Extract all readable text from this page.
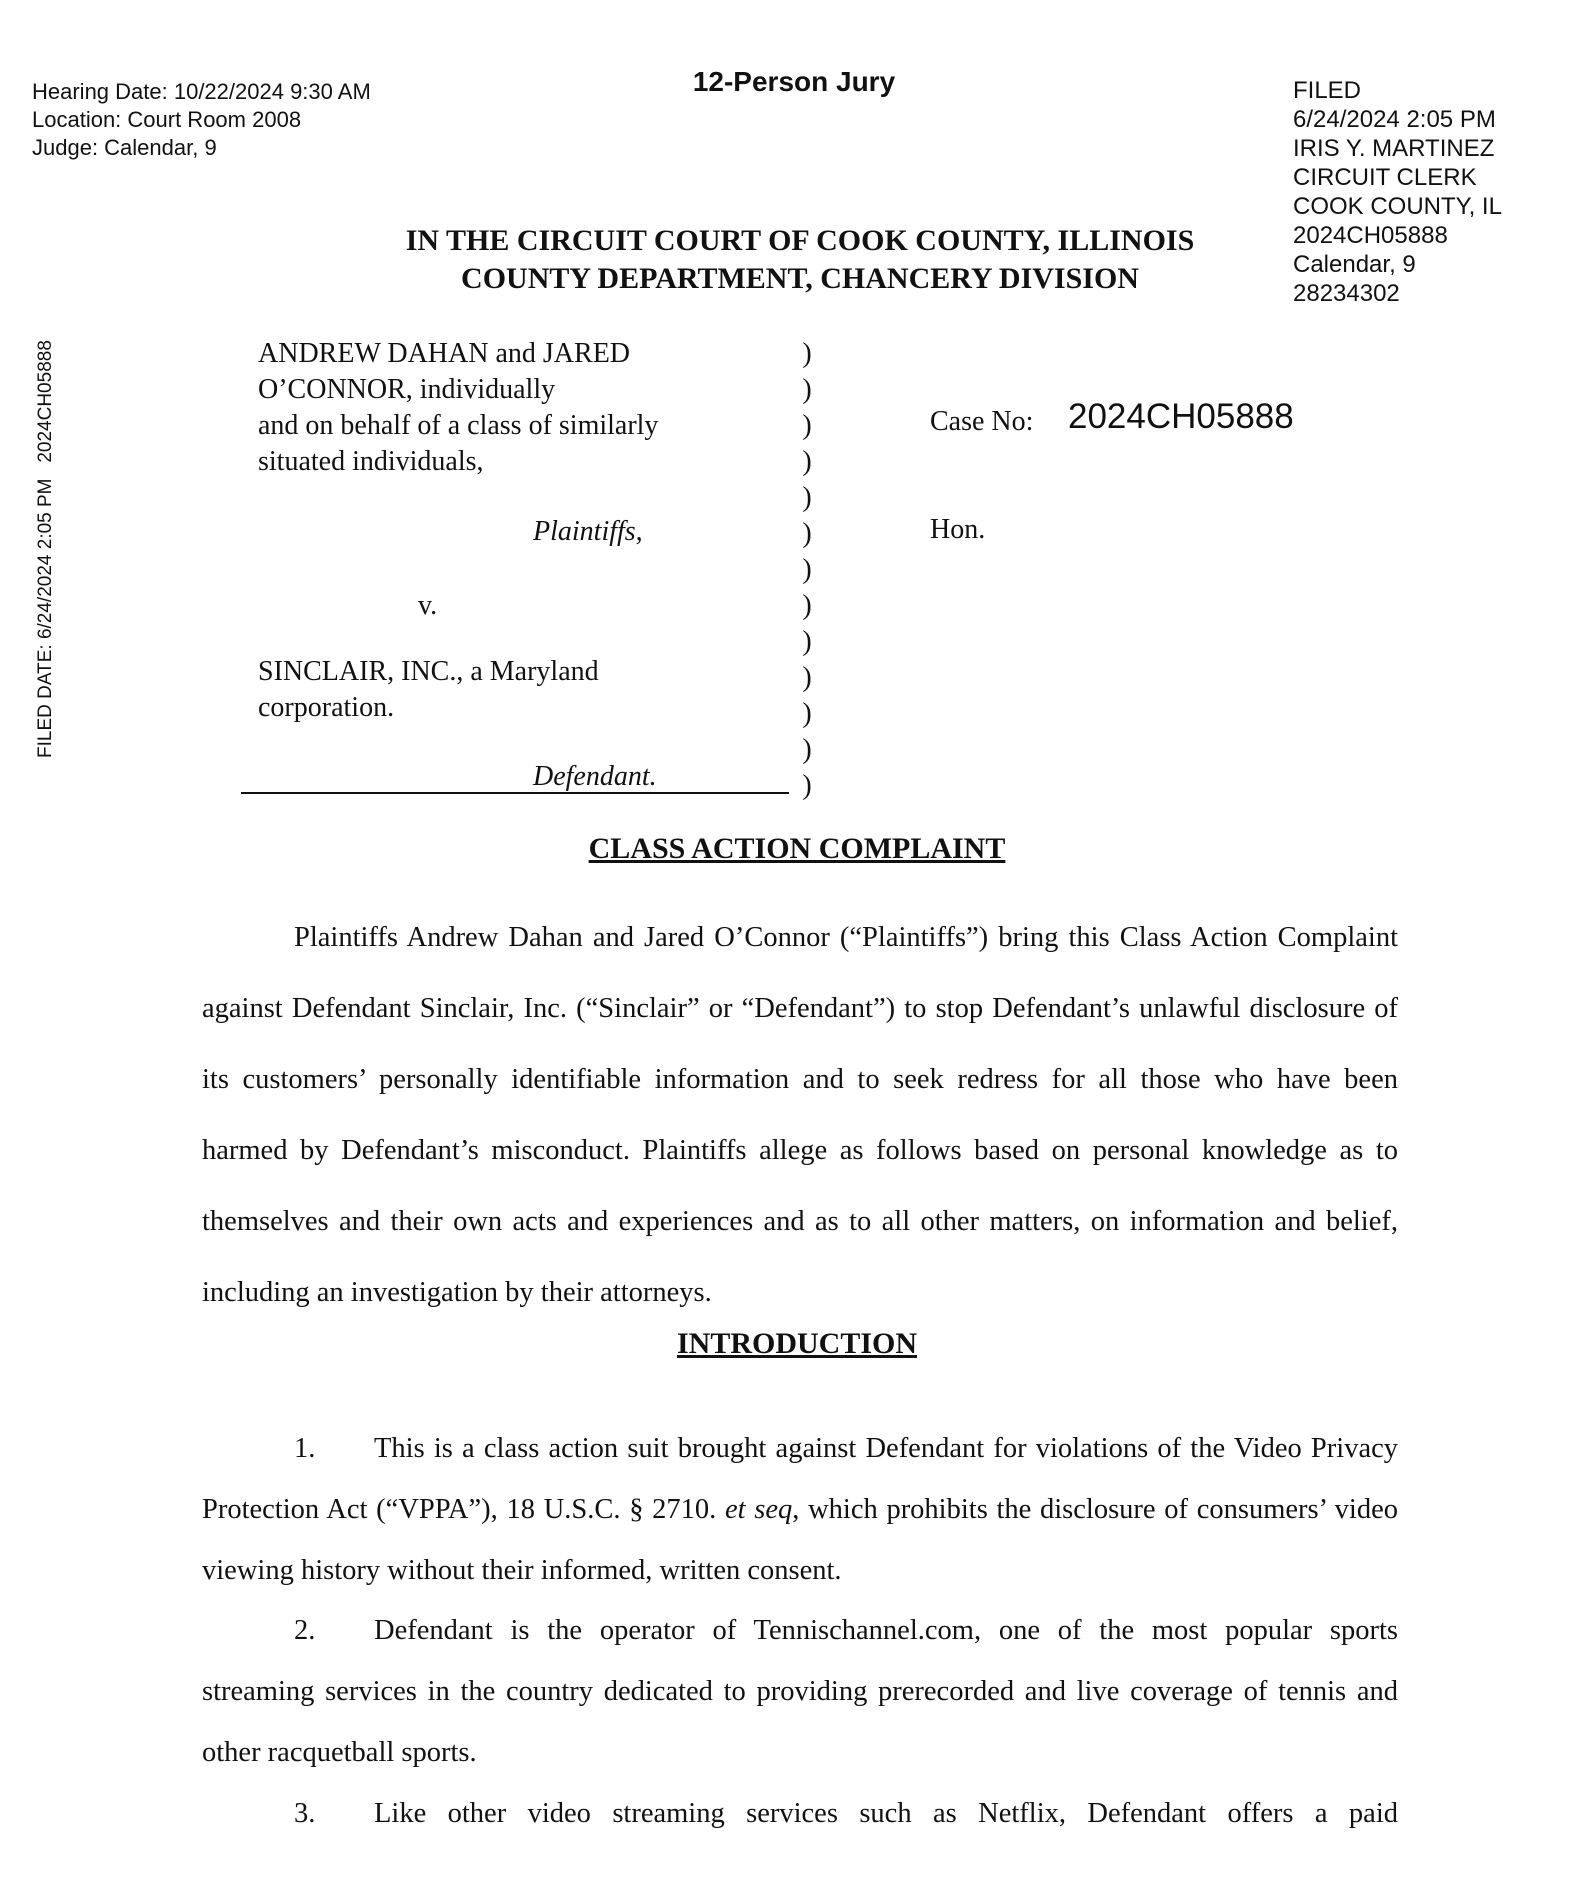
Hearing Date: 10/22/2024 9:30 AM
Location: Court Room 2008
Judge: Calendar, 9
12-Person Jury	FILED
6/24/2024 2:05 PM
IRIS Y. MARTINEZ
CIRCUIT CLERK
COOK COUNTY, IL
2024CH05888
Calendar, 9
28234302
FILED DATE: 6/24/2024 2:05 PM   2024CH05888
IN THE CIRCUIT COURT OF COOK COUNTY, ILLINOIS
COUNTY DEPARTMENT, CHANCERY DIVISION
ANDREW DAHAN and JARED
O’CONNOR, individually
and on behalf of a class of similarly
situated individuals,
Plaintiffs,
v.
SINCLAIR, INC., a Maryland
corporation.
Defendant.
)
)
)
)
)
)
)
)
)
)
)
)
)
Case No: 2024CH05888
Hon.
CLASS ACTION COMPLAINT
Plaintiffs Andrew Dahan and Jared O’Connor (“Plaintiffs”) bring this Class Action Complaint against Defendant Sinclair, Inc. (“Sinclair” or “Defendant”) to stop Defendant’s unlawful disclosure of its customers’ personally identifiable information and to seek redress for all those who have been harmed by Defendant’s misconduct. Plaintiffs allege as follows based on personal knowledge as to themselves and their own acts and experiences and as to all other matters, on information and belief, including an investigation by their attorneys.
INTRODUCTION
1. This is a class action suit brought against Defendant for violations of the Video Privacy Protection Act (“VPPA”), 18 U.S.C. § 2710. et seq, which prohibits the disclosure of consumers’ video viewing history without their informed, written consent.
2. Defendant is the operator of Tennischannel.com, one of the most popular sports streaming services in the country dedicated to providing prerecorded and live coverage of tennis and other racquetball sports.
3. Like other video streaming services such as Netflix, Defendant offers a paid
